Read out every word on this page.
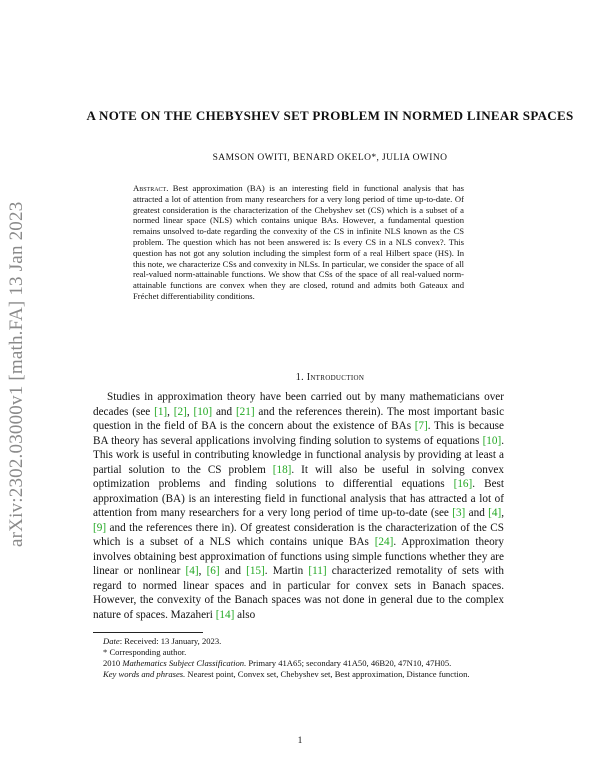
arXiv:2302.03000v1 [math.FA] 13 Jan 2023
A NOTE ON THE CHEBYSHEV SET PROBLEM IN NORMED LINEAR SPACES
SAMSON OWITI, BENARD OKELO*, JULIA OWINO
Abstract. Best approximation (BA) is an interesting field in functional analysis that has attracted a lot of attention from many researchers for a very long period of time up-to-date. Of greatest consideration is the characterization of the Chebyshev set (CS) which is a subset of a normed linear space (NLS) which contains unique BAs. However, a fundamental question remains unsolved to-date regarding the convexity of the CS in infinite NLS known as the CS problem. The question which has not been answered is: Is every CS in a NLS convex?. This question has not got any solution including the simplest form of a real Hilbert space (HS). In this note, we characterize CSs and convexity in NLSs. In particular, we consider the space of all real-valued norm-attainable functions. We show that CSs of the space of all real-valued norm-attainable functions are convex when they are closed, rotund and admits both Gateaux and Fréchet differentiability conditions.
1. Introduction

Studies in approximation theory have been carried out by many mathematicians over decades (see [1], [2], [10] and [21] and the references therein). The most important basic question in the field of BA is the concern about the existence of BAs [7]. This is because BA theory has several applications involving finding solution to systems of equations [10]. This work is useful in contributing knowledge in functional analysis by providing at least a partial solution to the CS problem [18]. It will also be useful in solving convex optimization problems and finding solutions to differential equations [16]. Best approximation (BA) is an interesting field in functional analysis that has attracted a lot of attention from many researchers for a very long period of time up-to-date (see [3] and [4], [9] and the references there in). Of greatest consideration is the characterization of the CS which is a subset of a NLS which contains unique BAs [24]. Approximation theory involves obtaining best approximation of functions using simple functions whether they are linear or nonlinear [4], [6] and [15]. Martin [11] characterized remotality of sets with regard to normed linear spaces and in particular for convex sets in Banach spaces. However, the convexity of the Banach spaces was not done in general due to the complex nature of spaces. Mazaheri [14] also

Date: Received: 13 January, 2023.

* Corresponding author.

2010 Mathematics Subject Classification. Primary 41A65; secondary 41A50, 46B20, 47N10, 47H05.

Key words and phrases. Nearest point, Convex set, Chebyshev set, Best approximation, Distance function.

1
